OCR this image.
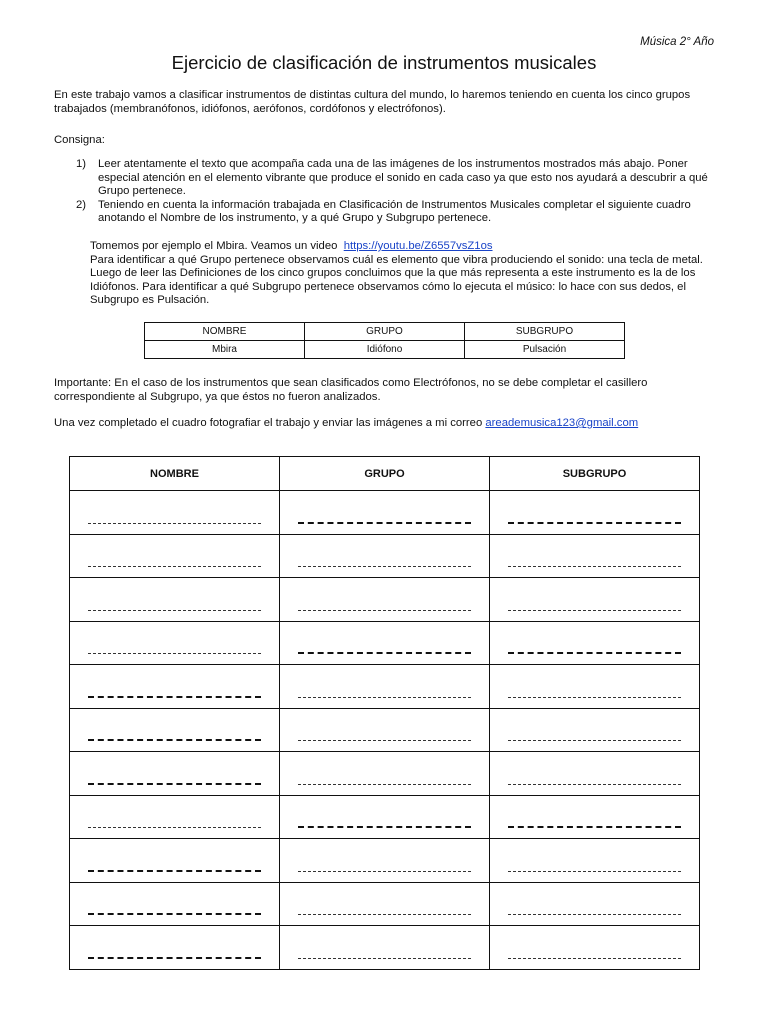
Música 2° Año
Ejercicio de clasificación de instrumentos musicales
En este trabajo vamos a clasificar instrumentos de distintas cultura del mundo, lo haremos teniendo en cuenta los cinco grupos trabajados (membranófonos, idiófonos, aerófonos, cordófonos y electrófonos).
Consigna:
1)	Leer atentamente el texto que acompaña cada una de las imágenes de los instrumentos mostrados más abajo. Poner especial atención en el elemento vibrante que produce el sonido en cada caso ya que esto nos ayudará a descubrir a qué Grupo pertenece.
2)	Teniendo en cuenta la información trabajada en Clasificación de Instrumentos Musicales completar el siguiente cuadro anotando el Nombre de los instrumento, y a qué Grupo y Subgrupo pertenece.
Tomemos por ejemplo el Mbira. Veamos un video https://youtu.be/Z6557vsZ1os
Para identificar a qué Grupo pertenece observamos cuál es elemento que vibra produciendo el sonido: una tecla de metal. Luego de leer las Definiciones de los cinco grupos concluimos que la que más representa a este instrumento es la de los Idiófonos. Para identificar a qué Subgrupo pertenece observamos cómo lo ejecuta el músico: lo hace con sus dedos, el Subgrupo es Pulsación.
NOMBRE	GRUPO	SUBGRUPO
Mbira	Idiófono	Pulsación
Importante: En el caso de los instrumentos que sean clasificados como Electrófonos, no se debe completar el casillero correspondiente al Subgrupo, ya que éstos no fueron analizados.
Una vez completado el cuadro fotografiar el trabajo y enviar las imágenes a mi correo areademusica123@gmail.com
NOMBRE	GRUPO	SUBGRUPO
